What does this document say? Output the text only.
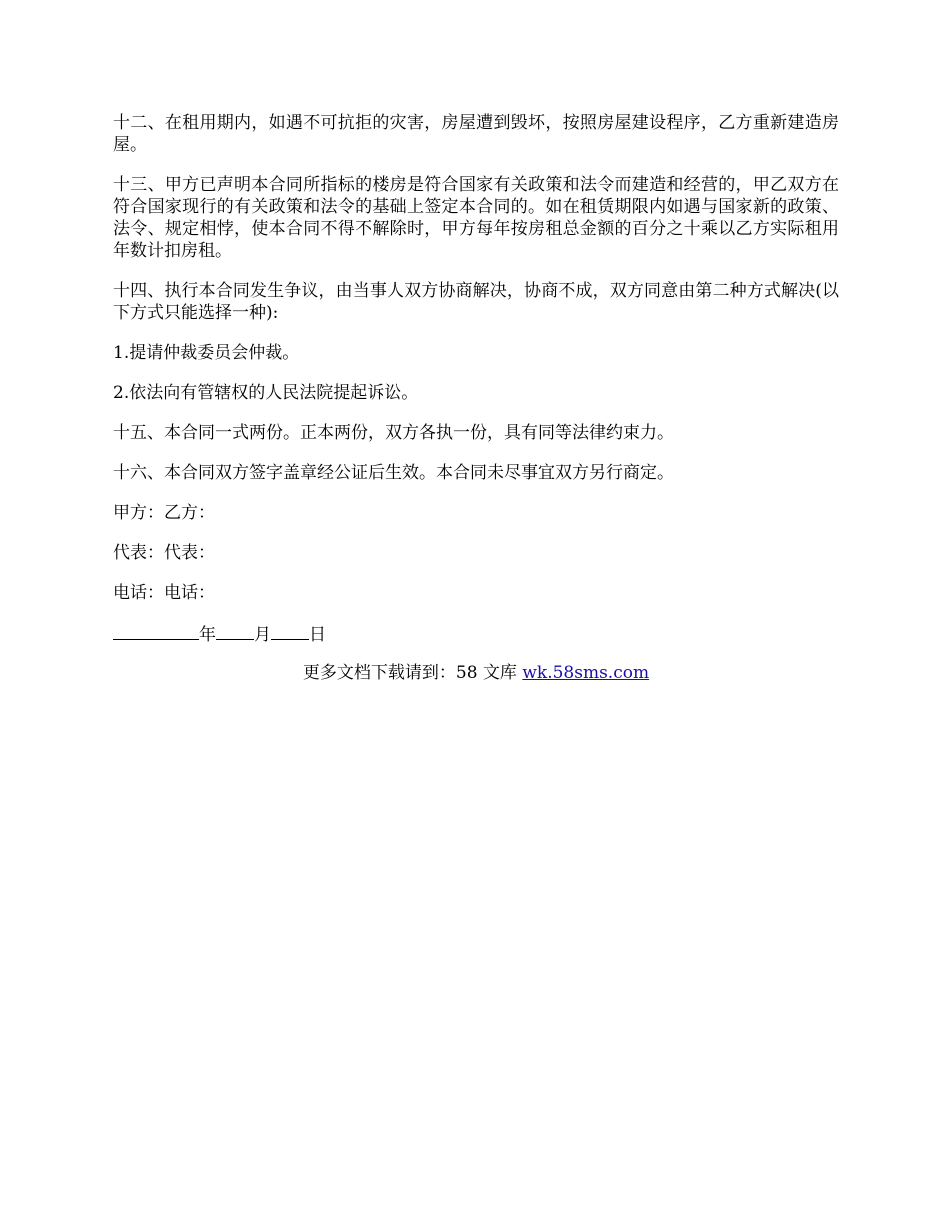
十二、在租用期内，如遇不可抗拒的灾害，房屋遭到毁坏，按照房屋建设程序，乙方重新建造房屋。

十三、甲方已声明本合同所指标的楼房是符合国家有关政策和法令而建造和经营的，甲乙双方在符合国家现行的有关政策和法令的基础上签定本合同的。如在租赁期限内如遇与国家新的政策、法令、规定相悖，使本合同不得不解除时，甲方每年按房租总金额的百分之十乘以乙方实际租用年数计扣房租。

十四、执行本合同发生争议，由当事人双方协商解决，协商不成，双方同意由第二种方式解决(以下方式只能选择一种):

1.提请仲裁委员会仲裁。

2.依法向有管辖权的人民法院提起诉讼。

十五、本合同一式两份。正本两份，双方各执一份，具有同等法律约束力。

十六、本合同双方签字盖章经公证后生效。本合同未尽事宜双方另行商定。

甲方：乙方：

代表：代表：

电话：电话：

年 月 日

更多文档下载请到：58 文库 wk.58sms.com
